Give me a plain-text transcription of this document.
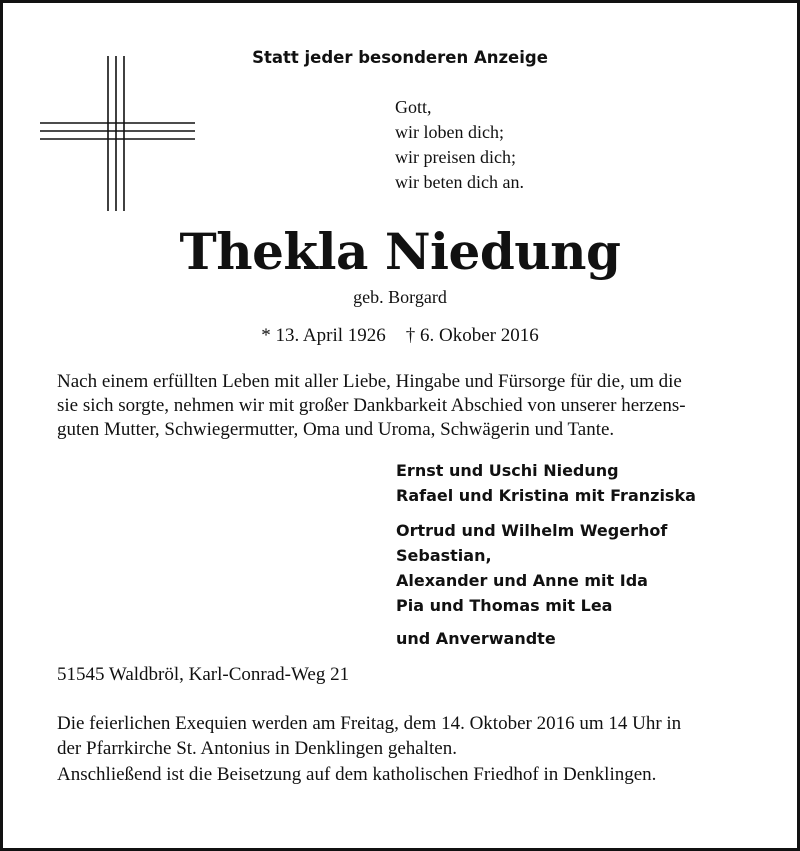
Statt jeder besonderen Anzeige
Gott,
wir loben dich;
wir preisen dich;
wir beten dich an.
Thekla Niedung
geb. Borgard
* 13. April 1926 † 6. Okober 2016
Nach einem erfüllten Leben mit aller Liebe, Hingabe und Fürsorge für die, um die
sie sich sorgte, nehmen wir mit großer Dankbarkeit Abschied von unserer herzens-
guten Mutter, Schwiegermutter, Oma und Uroma, Schwägerin und Tante.
Ernst und Uschi Niedung
Rafael und Kristina mit Franziska
Ortrud und Wilhelm Wegerhof
Sebastian,
Alexander und Anne mit Ida
Pia und Thomas mit Lea
und Anverwandte
51545 Waldbröl, Karl-Conrad-Weg 21
Die feierlichen Exequien werden am Freitag, dem 14. Oktober 2016 um 14 Uhr in
der Pfarrkirche St. Antonius in Denklingen gehalten.
Anschließend ist die Beisetzung auf dem katholischen Friedhof in Denklingen.
